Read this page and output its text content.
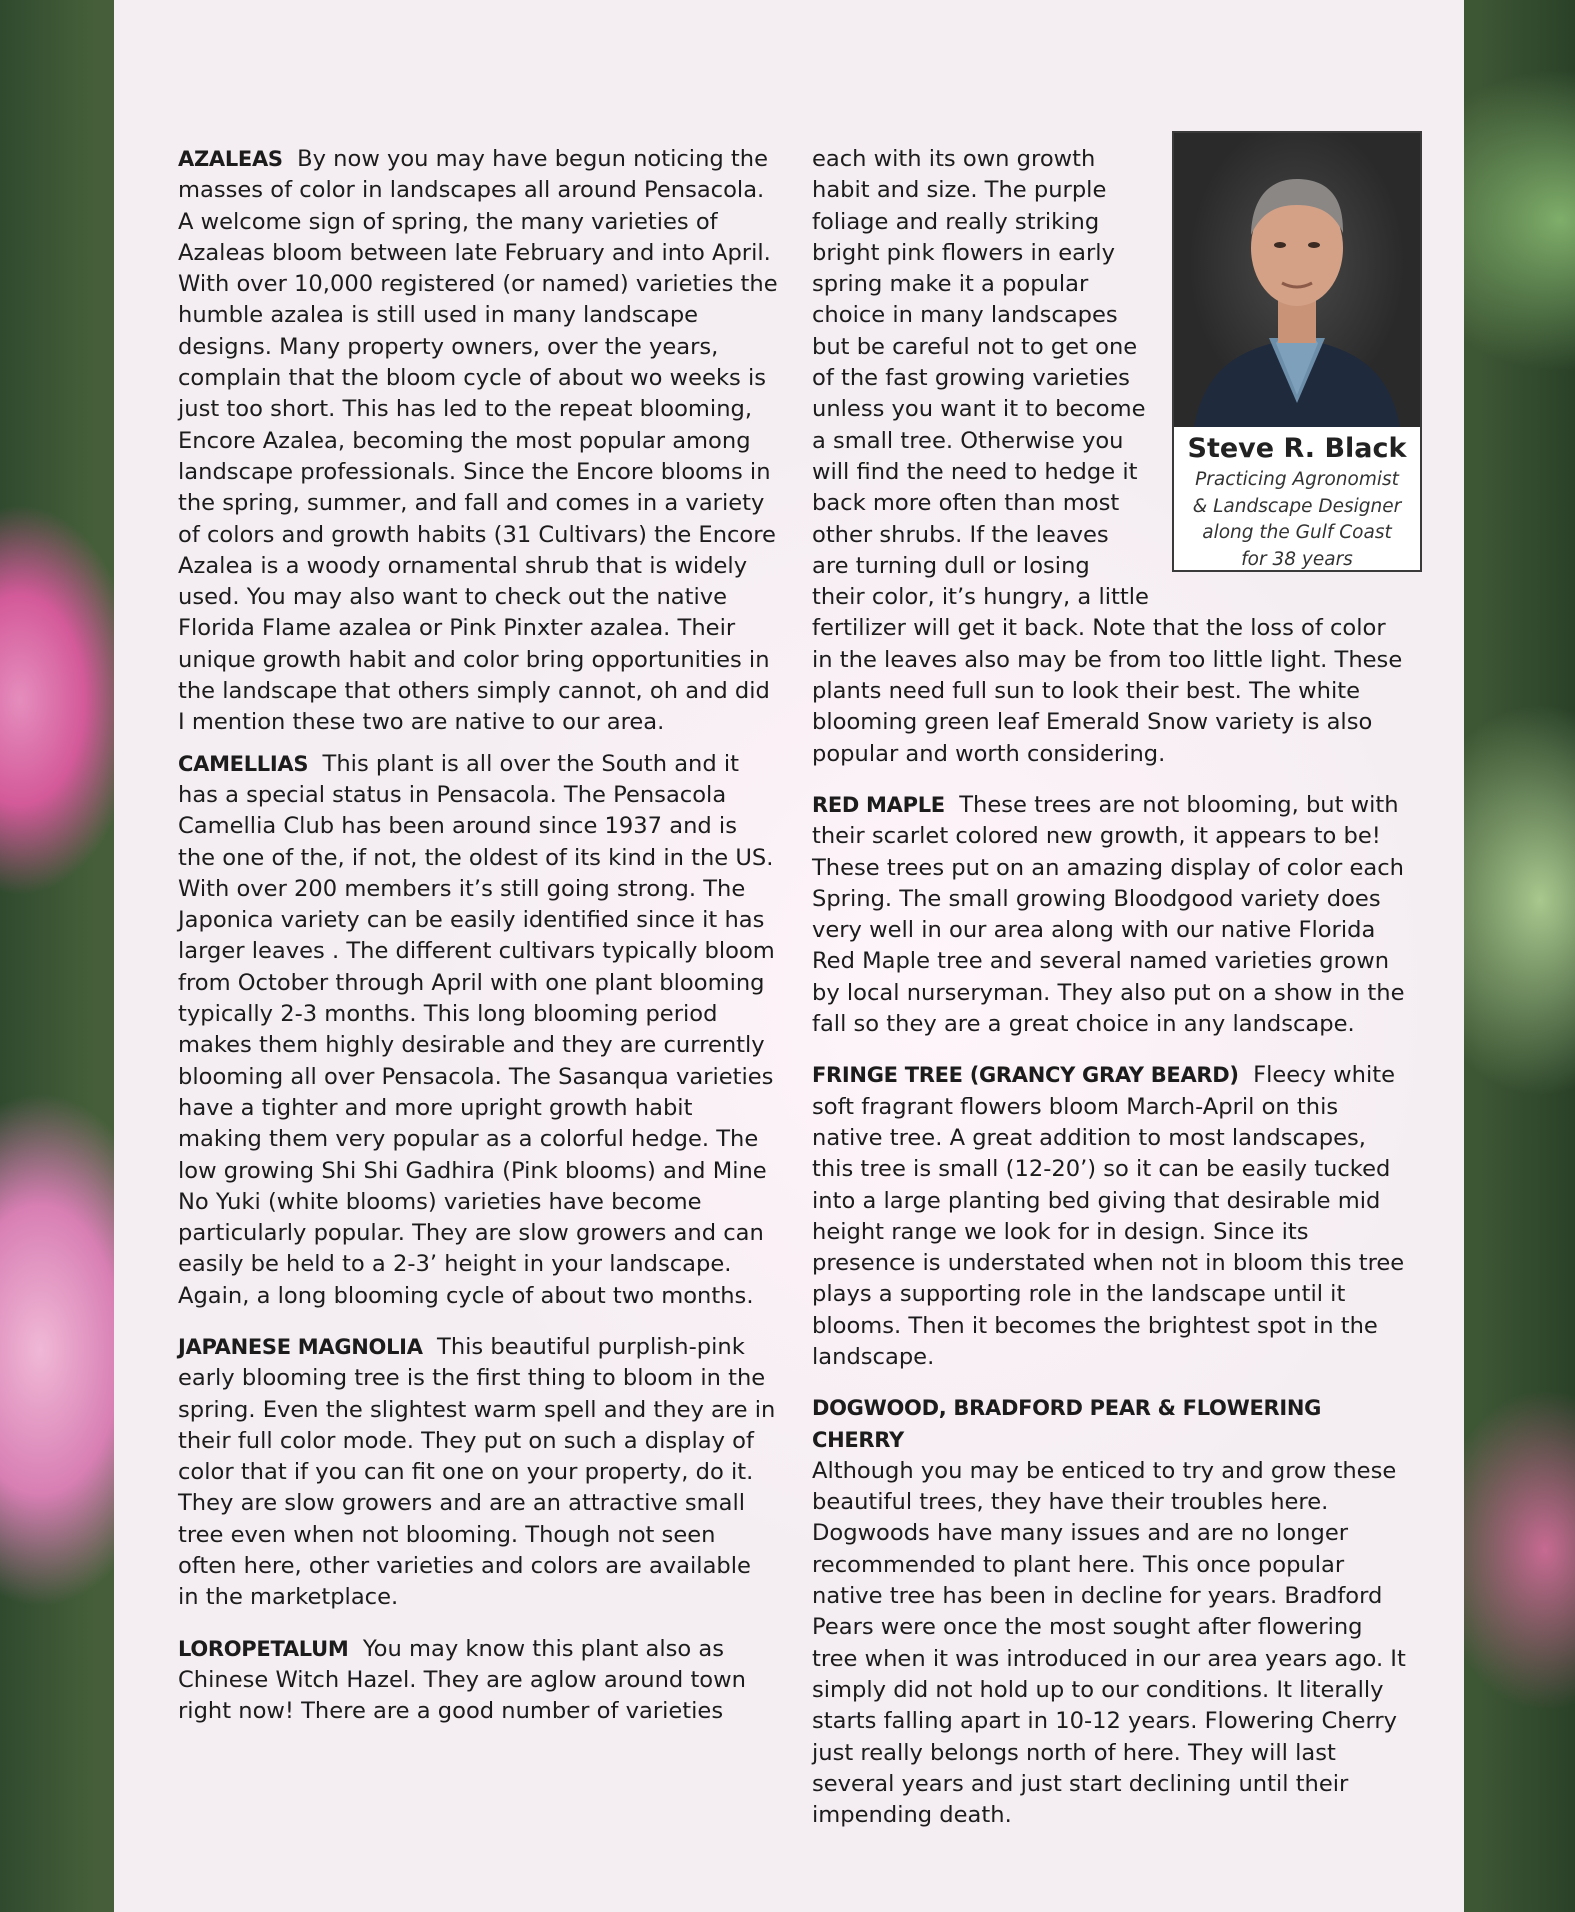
AZALEAS By now you may have begun noticing the masses of color in landscapes all around Pensacola. A welcome sign of spring, the many varieties of Azaleas bloom between late February and into April. With over 10,000 registered (or named) varieties the humble azalea is still used in many landscape designs. Many property owners, over the years, complain that the bloom cycle of about wo weeks is just too short. This has led to the repeat blooming, Encore Azalea, becoming the most popular among landscape professionals. Since the Encore blooms in the spring, summer, and fall and comes in a variety of colors and growth habits (31 Cultivars) the Encore Azalea is a woody ornamental shrub that is widely used. You may also want to check out the native Florida Flame azalea or Pink Pinxter azalea. Their unique growth habit and color bring opportunities in the landscape that others simply cannot, oh and did I mention these two are native to our area.

CAMELLIAS This plant is all over the South and it has a special status in Pensacola. The Pensacola Camellia Club has been around since 1937 and is the one of the, if not, the oldest of its kind in the US. With over 200 members it’s still going strong. The Japonica variety can be easily identified since it has larger leaves . The different cultivars typically bloom from October through April with one plant blooming typically 2-3 months. This long blooming period makes them highly desirable and they are currently blooming all over Pensacola. The Sasanqua varieties have a tighter and more upright growth habit making them very popular as a colorful hedge. The low growing Shi Shi Gadhira (Pink blooms) and Mine No Yuki (white blooms) varieties have become particularly popular. They are slow growers and can easily be held to a 2-3’ height in your landscape. Again, a long blooming cycle of about two months.

JAPANESE MAGNOLIA This beautiful purplish-pink early blooming tree is the first thing to bloom in the spring. Even the slightest warm spell and they are in their full color mode. They put on such a display of color that if you can fit one on your property, do it. They are slow growers and are an attractive small tree even when not blooming. Though not seen often here, other varieties and colors are available in the marketplace.

LOROPETALUM You may know this plant also as Chinese Witch Hazel. They are aglow around town right now! There are a good number of varieties

each with its own growth
habit and size. The purple
foliage and really striking
bright pink flowers in early
spring make it a popular
choice in many landscapes
but be careful not to get one
of the fast growing varieties
unless you want it to become
a small tree. Otherwise you
will find the need to hedge it
back more often than most
other shrubs. If the leaves
are turning dull or losing
their color, it’s hungry, a little

fertilizer will get it back. Note that the loss of color in the leaves also may be from too little light. These plants need full sun to look their best. The white blooming green leaf Emerald Snow variety is also popular and worth considering.

RED MAPLE These trees are not blooming, but with their scarlet colored new growth, it appears to be! These trees put on an amazing display of color each Spring. The small growing Bloodgood variety does very well in our area along with our native Florida Red Maple tree and several named varieties grown by local nurseryman. They also put on a show in the fall so they are a great choice in any landscape.

FRINGE TREE (GRANCY GRAY BEARD) Fleecy white soft fragrant flowers bloom March-April on this native tree. A great addition to most landscapes, this tree is small (12-20’) so it can be easily tucked into a large planting bed giving that desirable mid height range we look for in design. Since its presence is understated when not in bloom this tree plays a supporting role in the landscape until it blooms. Then it becomes the brightest spot in the landscape.

DOGWOOD, BRADFORD PEAR & FLOWERING CHERRY
Although you may be enticed to try and grow these beautiful trees, they have their troubles here. Dogwoods have many issues and are no longer recommended to plant here. This once popular native tree has been in decline for years. Bradford Pears were once the most sought after flowering tree when it was introduced in our area years ago. It simply did not hold up to our conditions. It literally starts falling apart in 10-12 years. Flowering Cherry just really belongs north of here. They will last several years and just start declining until their impending death.

Steve R. Black
Practicing Agronomist
& Landscape Designer
along the Gulf Coast
for 38 years
